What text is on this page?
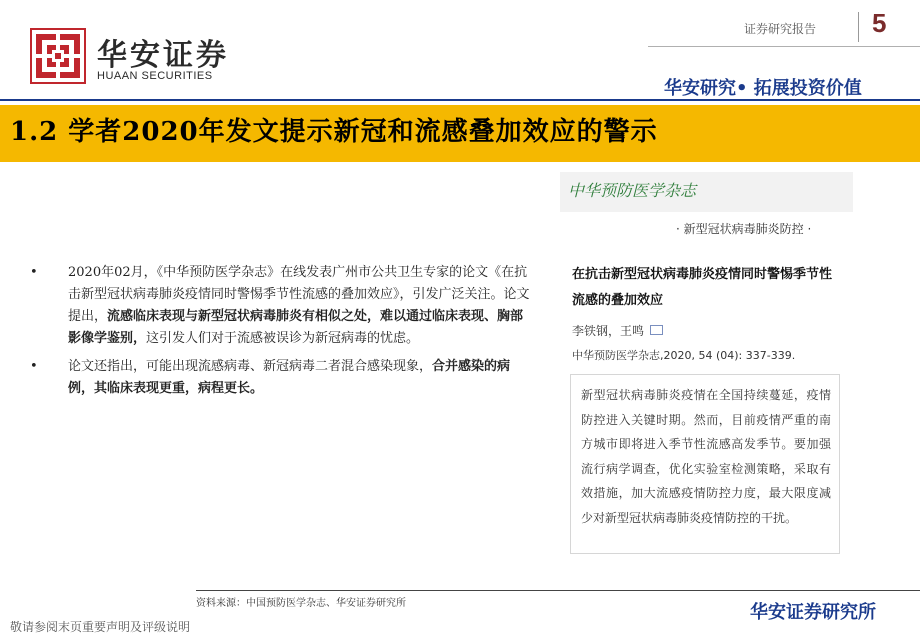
华安证券
HUAAN SECURITIES
证券研究报告 5
华安研究• 拓展投资价值
1.2 学者2020年发文提示新冠和流感叠加效应的警示

• 2020年02月，《中华预防医学杂志》在线发表广州市公共卫生专家的论文《在抗击新型冠状病毒肺炎疫情同时警惕季节性流感的叠加效应》，引发广泛关注。论文提出，流感临床表现与新型冠状病毒肺炎有相似之处，难以通过临床表现、胸部影像学鉴别，这引发人们对于流感被误诊为新冠病毒的忧虑。

• 论文还指出，可能出现流感病毒、新冠病毒二者混合感染现象，合并感染的病例，其临床表现更重，病程更长。

中华预防医学杂志
· 新型冠状病毒肺炎防控 ·
在抗击新型冠状病毒肺炎疫情同时警惕季节性流感的叠加效应
李铁钢，王鸣
中华预防医学杂志,2020, 54 (04): 337-339.
新型冠状病毒肺炎疫情在全国持续蔓延，疫情防控进入关键时期。然而，目前疫情严重的南方城市即将进入季节性流感高发季节。要加强流行病学调查，优化实验室检测策略，采取有效措施，加大流感疫情防控力度，最大限度减少对新型冠状病毒肺炎疫情防控的干扰。
资料来源：中国预防医学杂志、华安证券研究所
敬请参阅末页重要声明及评级说明
华安证券研究所
